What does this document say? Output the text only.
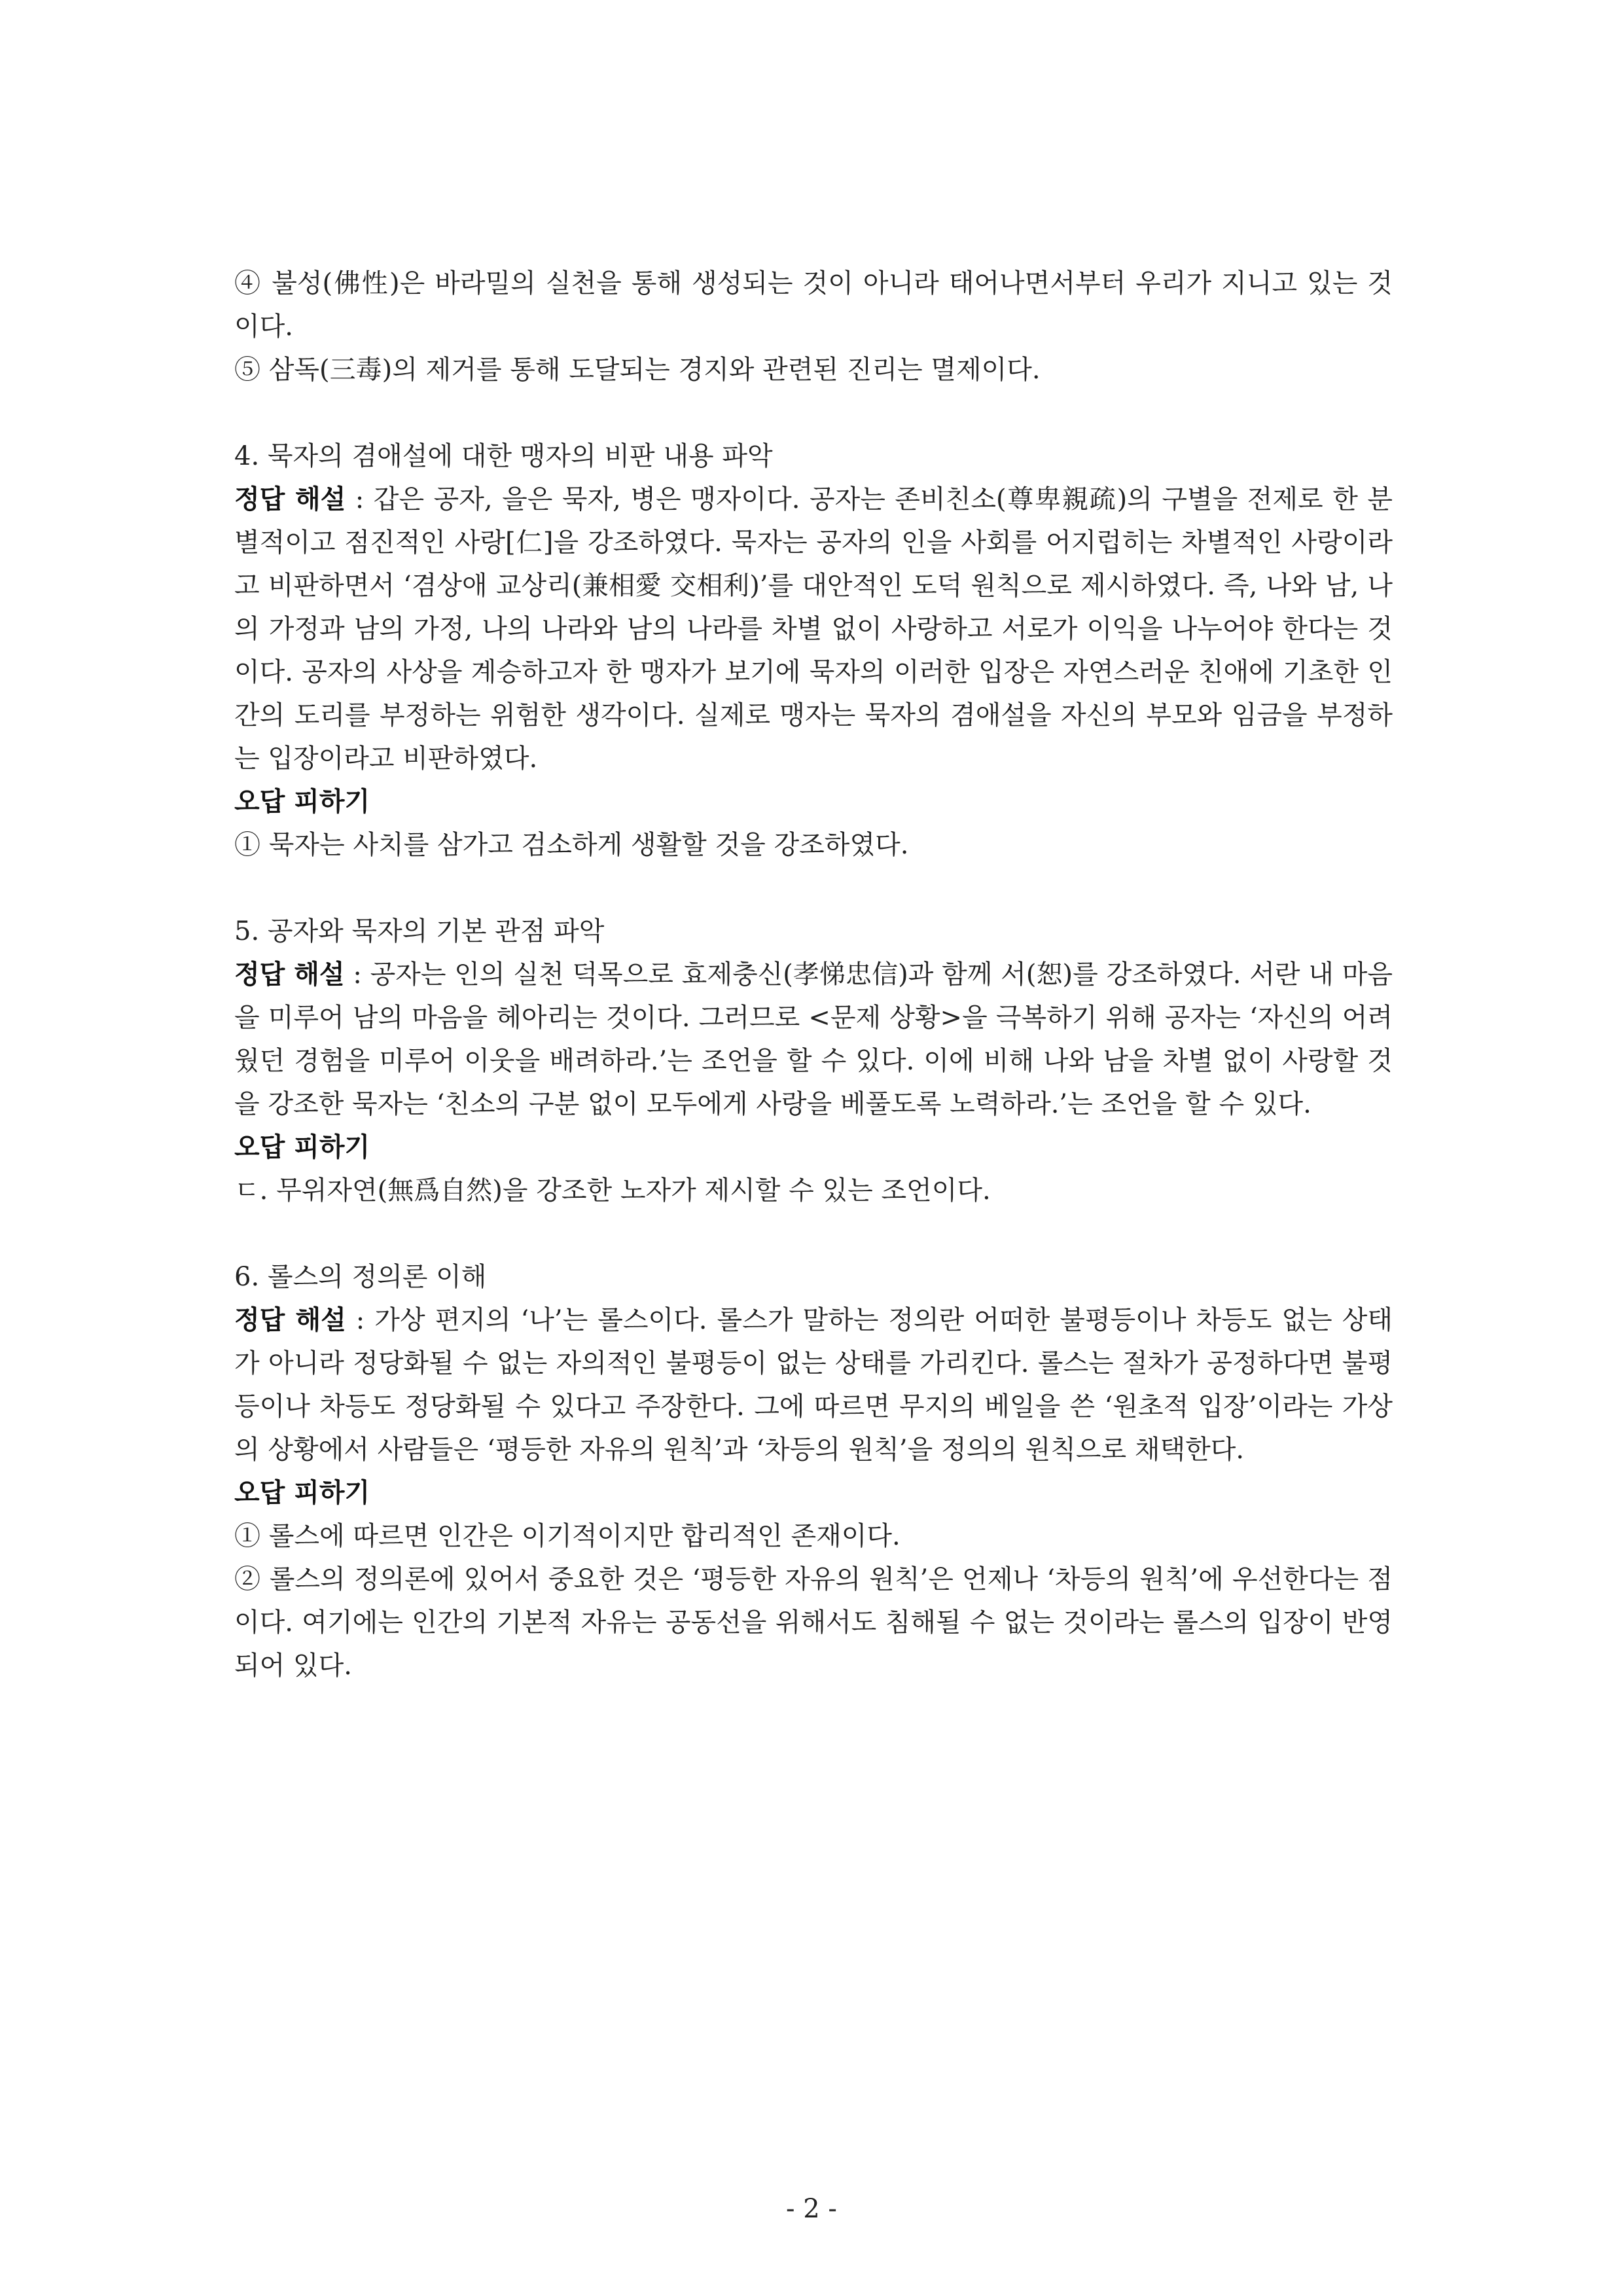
④ 불성(佛性)은 바라밀의 실천을 통해 생성되는 것이 아니라 태어나면서부터 우리가 지니고 있는 것이다.

⑤ 삼독(三毒)의 제거를 통해 도달되는 경지와 관련된 진리는 멸제이다.

4. 묵자의 겸애설에 대한 맹자의 비판 내용 파악

정답 해설 : 갑은 공자, 을은 묵자, 병은 맹자이다. 공자는 존비친소(尊卑親疏)의 구별을 전제로 한 분별적이고 점진적인 사랑[仁]을 강조하였다. 묵자는 공자의 인을 사회를 어지럽히는 차별적인 사랑이라고 비판하면서 ‘겸상애 교상리(兼相愛 交相利)’를 대안적인 도덕 원칙으로 제시하였다. 즉, 나와 남, 나의 가정과 남의 가정, 나의 나라와 남의 나라를 차별 없이 사랑하고 서로가 이익을 나누어야 한다는 것이다. 공자의 사상을 계승하고자 한 맹자가 보기에 묵자의 이러한 입장은 자연스러운 친애에 기초한 인간의 도리를 부정하는 위험한 생각이다. 실제로 맹자는 묵자의 겸애설을 자신의 부모와 임금을 부정하는 입장이라고 비판하였다.

오답 피하기

① 묵자는 사치를 삼가고 검소하게 생활할 것을 강조하였다.

5. 공자와 묵자의 기본 관점 파악

정답 해설 : 공자는 인의 실천 덕목으로 효제충신(孝悌忠信)과 함께 서(恕)를 강조하였다. 서란 내 마음을 미루어 남의 마음을 헤아리는 것이다. 그러므로 <문제 상황>을 극복하기 위해 공자는 ‘자신의 어려웠던 경험을 미루어 이웃을 배려하라.’는 조언을 할 수 있다. 이에 비해 나와 남을 차별 없이 사랑할 것을 강조한 묵자는 ‘친소의 구분 없이 모두에게 사랑을 베풀도록 노력하라.’는 조언을 할 수 있다.

오답 피하기

ㄷ. 무위자연(無爲自然)을 강조한 노자가 제시할 수 있는 조언이다.

6. 롤스의 정의론 이해

정답 해설 : 가상 편지의 ‘나’는 롤스이다. 롤스가 말하는 정의란 어떠한 불평등이나 차등도 없는 상태가 아니라 정당화될 수 없는 자의적인 불평등이 없는 상태를 가리킨다. 롤스는 절차가 공정하다면 불평등이나 차등도 정당화될 수 있다고 주장한다. 그에 따르면 무지의 베일을 쓴 ‘원초적 입장’이라는 가상의 상황에서 사람들은 ‘평등한 자유의 원칙’과 ‘차등의 원칙’을 정의의 원칙으로 채택한다.

오답 피하기

① 롤스에 따르면 인간은 이기적이지만 합리적인 존재이다.

② 롤스의 정의론에 있어서 중요한 것은 ‘평등한 자유의 원칙’은 언제나 ‘차등의 원칙’에 우선한다는 점이다. 여기에는 인간의 기본적 자유는 공동선을 위해서도 침해될 수 없는 것이라는 롤스의 입장이 반영되어 있다.

- 2 -
